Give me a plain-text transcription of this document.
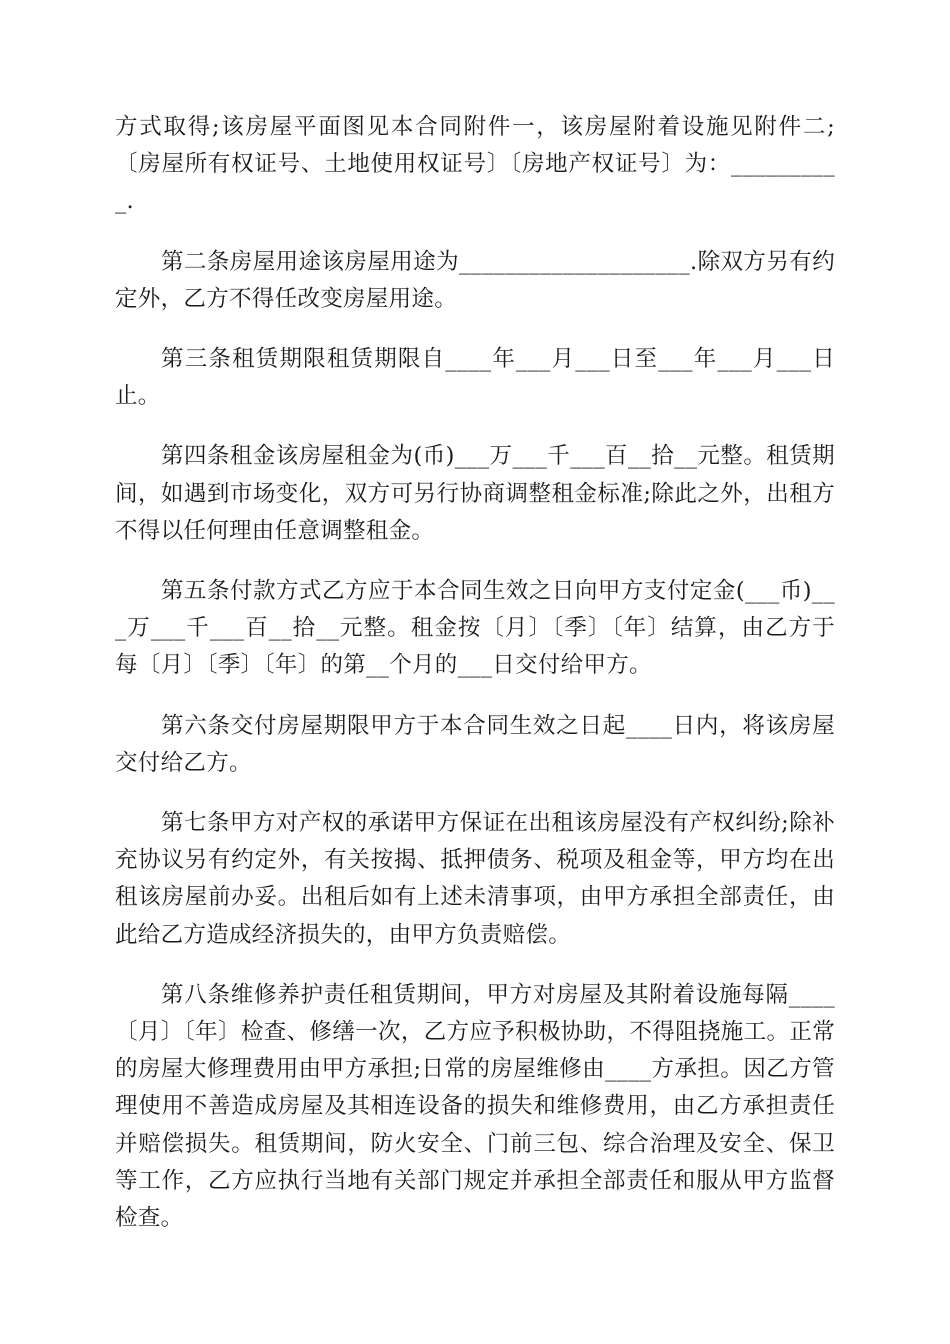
方式取得;该房屋平面图见本合同附件一，该房屋附着设施见附件二;〔房屋所有权证号、土地使用权证号〕〔房地产权证号〕为：__________.

第二条房屋用途该房屋用途为____________________.除双方另有约定外，乙方不得任改变房屋用途。

第三条租赁期限租赁期限自____年___月___日至___年___月___日止。

第四条租金该房屋租金为(币)___万___千___百__拾__元整。租赁期间，如遇到市场变化，双方可另行协商调整租金标准;除此之外，出租方不得以任何理由任意调整租金。

第五条付款方式乙方应于本合同生效之日向甲方支付定金(___币)___万___千___百__拾__元整。租金按〔月〕〔季〕〔年〕结算，由乙方于每〔月〕〔季〕〔年〕的第__个月的___日交付给甲方。

第六条交付房屋期限甲方于本合同生效之日起____日内，将该房屋交付给乙方。

第七条甲方对产权的承诺甲方保证在出租该房屋没有产权纠纷;除补充协议另有约定外，有关按揭、抵押债务、税项及租金等，甲方均在出租该房屋前办妥。出租后如有上述未清事项，由甲方承担全部责任，由此给乙方造成经济损失的，由甲方负责赔偿。

第八条维修养护责任租赁期间，甲方对房屋及其附着设施每隔____〔月〕〔年〕检查、修缮一次，乙方应予积极协助，不得阻挠施工。正常的房屋大修理费用由甲方承担;日常的房屋维修由____方承担。因乙方管理使用不善造成房屋及其相连设备的损失和维修费用，由乙方承担责任并赔偿损失。租赁期间，防火安全、门前三包、综合治理及安全、保卫等工作，乙方应执行当地有关部门规定并承担全部责任和服从甲方监督检查。
